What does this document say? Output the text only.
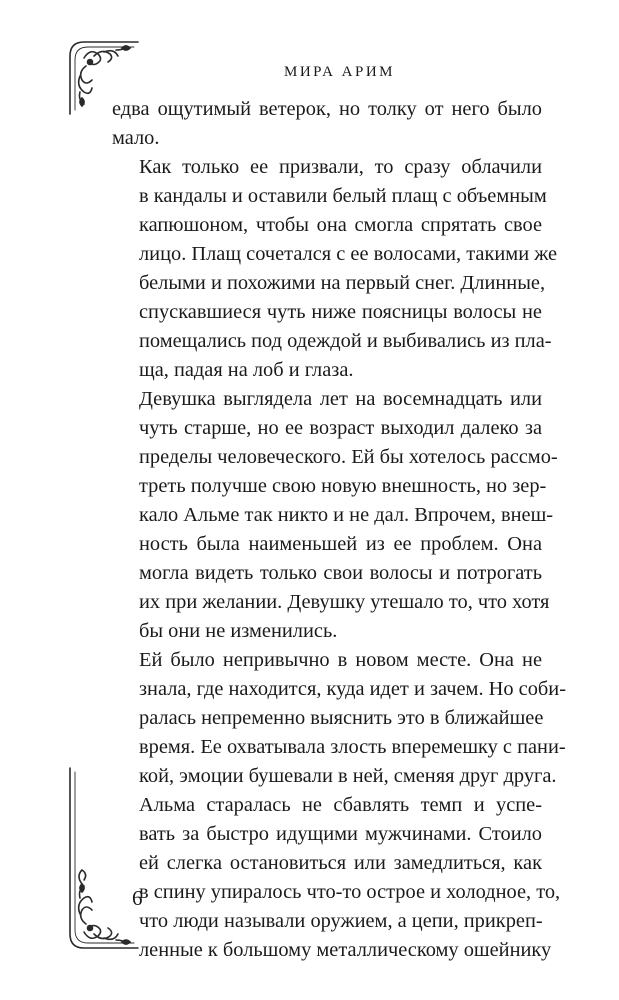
МИРА АРИМ

едва ощутимый ветерок, но толку от него было
мало.

Как только ее призвали, то сразу облачили
в кандалы и оставили белый плащ с объемным
капюшоном, чтобы она смогла спрятать свое
лицо. Плащ сочетался с ее волосами, такими же
белыми и похожими на первый снег. Длинные,
спускавшиеся чуть ниже поясницы волосы не
помещались под одеждой и выбивались из пла-
ща, падая на лоб и глаза.

Девушка выглядела лет на восемнадцать или
чуть старше, но ее возраст выходил далеко за
пределы человеческого. Ей бы хотелось рассмо-
треть получше свою новую внешность, но зер-
кало Альме так никто и не дал. Впрочем, внеш-
ность была наименьшей из ее проблем. Она
могла видеть только свои волосы и потрогать
их при желании. Девушку утешало то, что хотя
бы они не изменились.

Ей было непривычно в новом месте. Она не
знала, где находится, куда идет и зачем. Но соби-
ралась непременно выяснить это в ближайшее
время. Ее охватывала злость вперемешку с пани-
кой, эмоции бушевали в ней, сменяя друг друга.

Альма старалась не сбавлять темп и успе-
вать за быстро идущими мужчинами. Стоило
ей слегка остановиться или замедлиться, как
в спину упиралось что-то острое и холодное, то,
что люди называли оружием, а цепи, прикреп-
ленные к большому металлическому ошейнику

6
